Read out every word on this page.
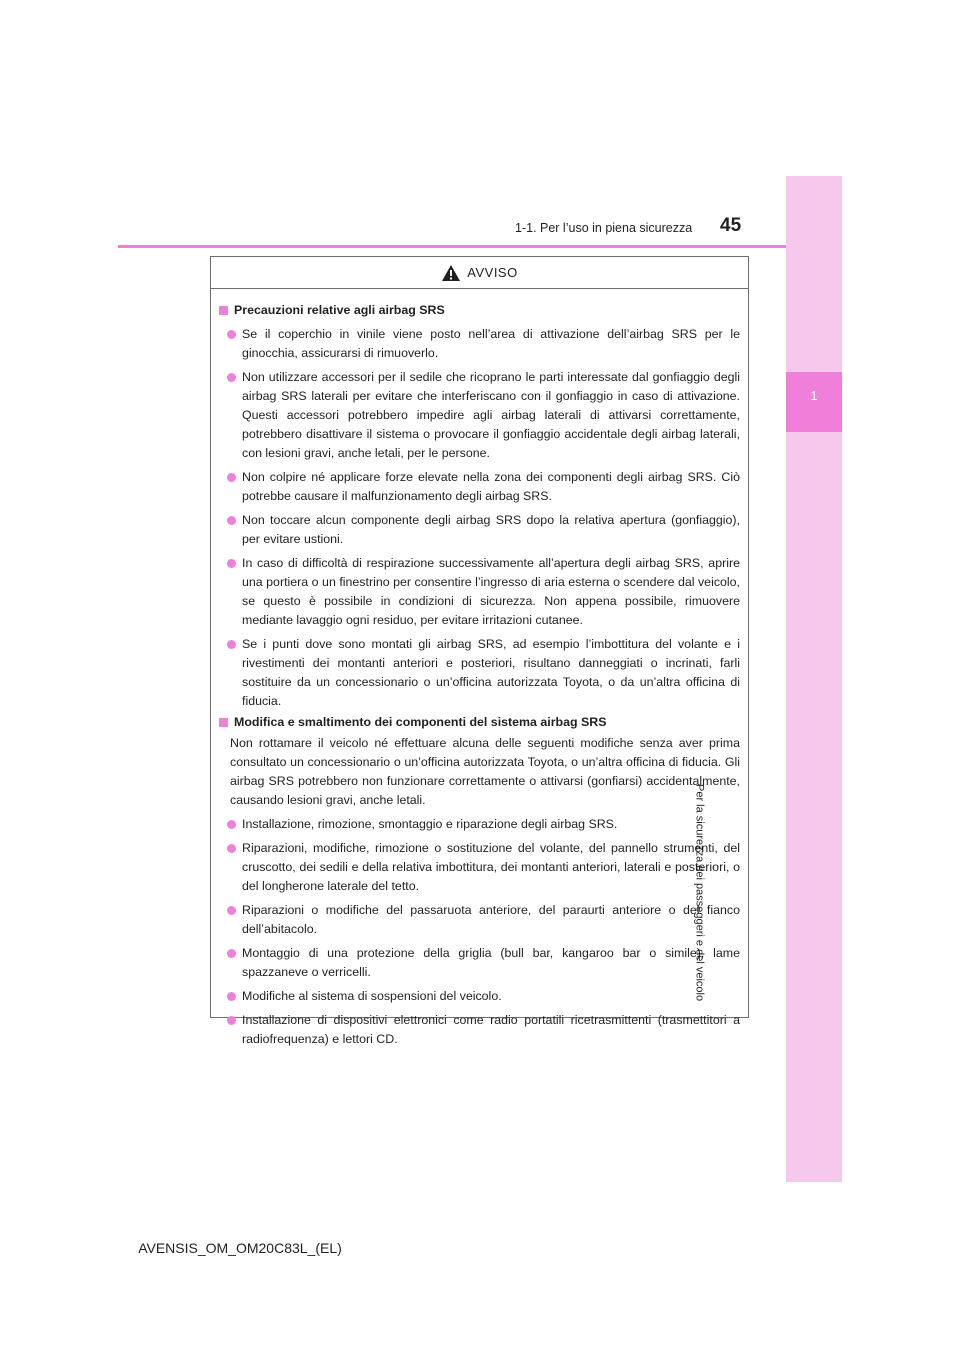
1
Per la sicurezza dei passeggeri e del veicolo
1-1. Per l’uso in piena sicurezza 45
AVVISO
Precauzioni relative agli airbag SRS
Se il coperchio in vinile viene posto nell’area di attivazione dell’airbag SRS per le ginocchia, assicurarsi di rimuoverlo.
Non utilizzare accessori per il sedile che ricoprano le parti interessate dal gonfiaggio degli airbag SRS laterali per evitare che interferiscano con il gonfiaggio in caso di attivazione. Questi accessori potrebbero impedire agli airbag laterali di attivarsi correttamente, potrebbero disattivare il sistema o provocare il gonfiaggio accidentale degli airbag laterali, con lesioni gravi, anche letali, per le persone.
Non colpire né applicare forze elevate nella zona dei componenti degli airbag SRS. Ciò potrebbe causare il malfunzionamento degli airbag SRS.
Non toccare alcun componente degli airbag SRS dopo la relativa apertura (gonfiaggio), per evitare ustioni.
In caso di difficoltà di respirazione successivamente all’apertura degli airbag SRS, aprire una portiera o un finestrino per consentire l’ingresso di aria esterna o scendere dal veicolo, se questo è possibile in condizioni di sicurezza. Non appena possibile, rimuovere mediante lavaggio ogni residuo, per evitare irritazioni cutanee.
Se i punti dove sono montati gli airbag SRS, ad esempio l’imbottitura del volante e i rivestimenti dei montanti anteriori e posteriori, risultano danneggiati o incrinati, farli sostituire da un concessionario o un’officina autorizzata Toyota, o da un’altra officina di fiducia.
Modifica e smaltimento dei componenti del sistema airbag SRS
Non rottamare il veicolo né effettuare alcuna delle seguenti modifiche senza aver prima consultato un concessionario o un’officina autorizzata Toyota, o un’altra officina di fiducia. Gli airbag SRS potrebbero non funzionare correttamente o attivarsi (gonfiarsi) accidentalmente, causando lesioni gravi, anche letali.
Installazione, rimozione, smontaggio e riparazione degli airbag SRS.
Riparazioni, modifiche, rimozione o sostituzione del volante, del pannello strumenti, del cruscotto, dei sedili e della relativa imbottitura, dei montanti anteriori, laterali e posteriori, o del longherone laterale del tetto.
Riparazioni o modifiche del passaruota anteriore, del paraurti anteriore o del fianco dell’abitacolo.
Montaggio di una protezione della griglia (bull bar, kangaroo bar o simile), lame spazzaneve o verricelli.
Modifiche al sistema di sospensioni del veicolo.
Installazione di dispositivi elettronici come radio portatili ricetrasmittenti (trasmettitori a radiofrequenza) e lettori CD.
AVENSIS_OM_OM20C83L_(EL)
